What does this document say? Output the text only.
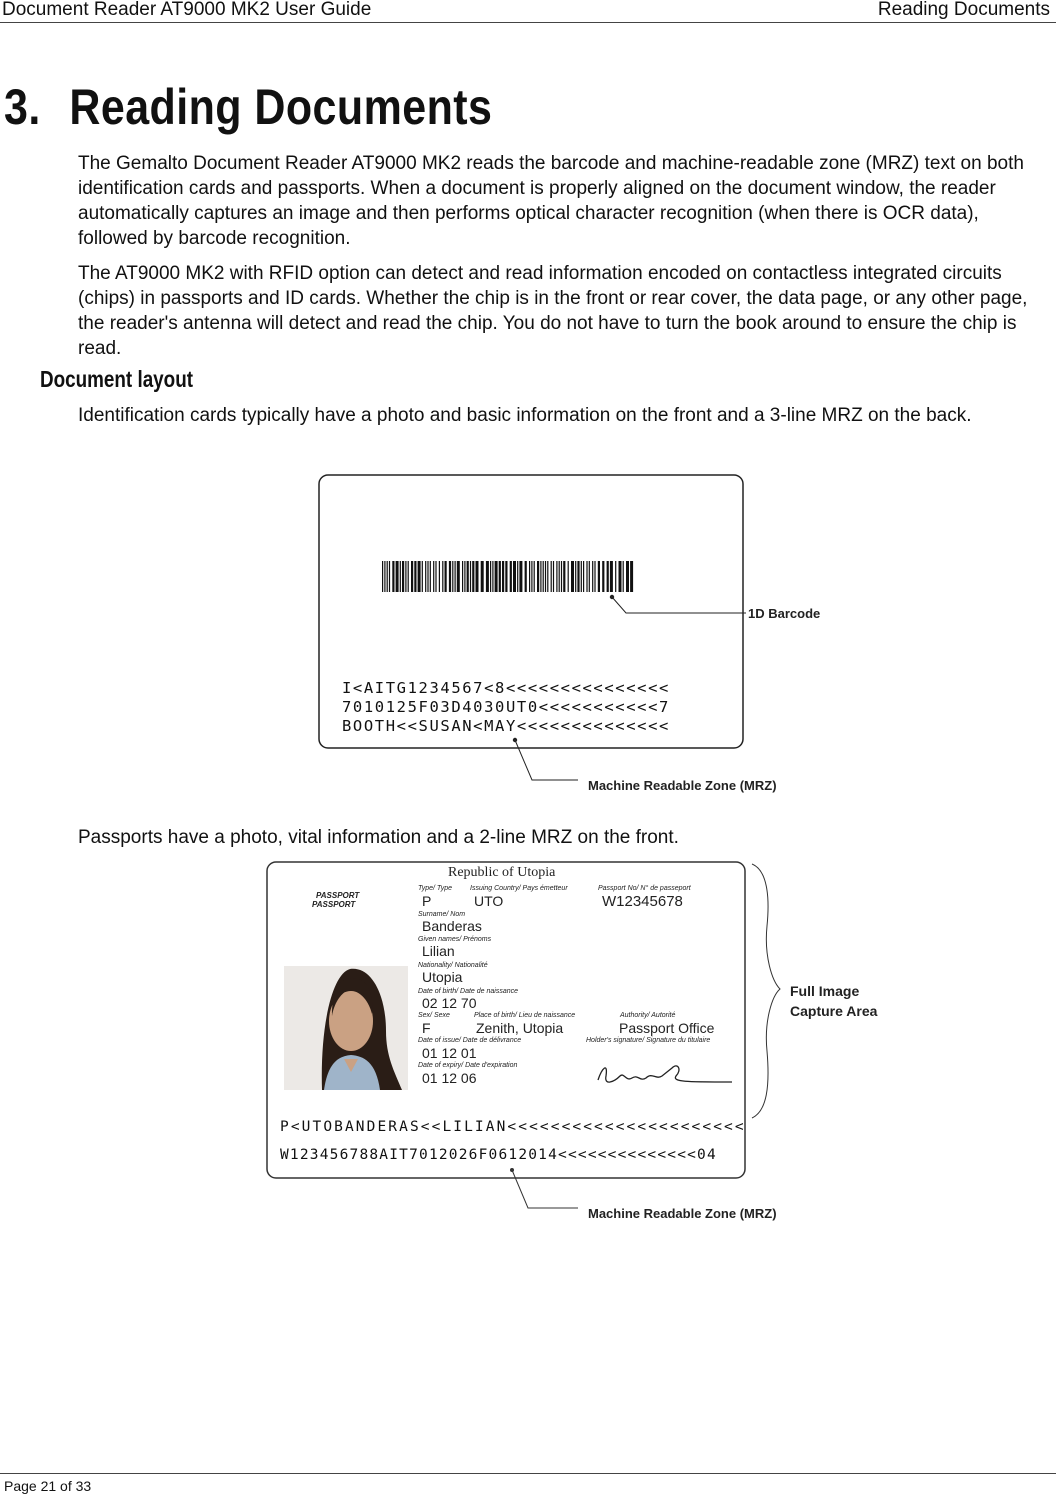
Document Reader AT9000 MK2 User Guide	Reading Documents
3. Reading Documents
The Gemalto Document Reader AT9000 MK2 reads the barcode and machine-readable zone (MRZ) text on both identification cards and passports. When a document is properly aligned on the document window, the reader automatically captures an image and then performs optical character recognition (when there is OCR data), followed by barcode recognition.
The AT9000 MK2 with RFID option can detect and read information encoded on contactless integrated circuits (chips) in passports and ID cards. Whether the chip is in the front or rear cover, the data page, or any other page, the reader's antenna will detect and read the chip. You do not have to turn the book around to ensure the chip is read.
Document layout
Identification cards typically have a photo and basic information on the front and a 3-line MRZ on the back.
1D Barcode
I<AITG1234567<8<<<<<<<<<<<<<<<
7010125F03D4030UT0<<<<<<<<<<<7
BOOTH<<SUSAN<MAY<<<<<<<<<<<<<<
Machine Readable Zone (MRZ)
Passports have a photo, vital information and a 2-line MRZ on the front.
Republic of Utopia
PASSPORT
PASSPORT
Type/ Type
P
Issuing Country/ Pays émetteur
UTO
Passport No/ N° de passeport
W12345678
Surname/ Nom
Banderas
Given names/ Prénoms
Lilian
Nationality/ Nationalité
Utopia
Date of birth/ Date de naissance
02 12 70
Sex/ Sexe
F
Place of birth/ Lieu de naissance
Zenith, Utopia
Authority/ Autorité
Passport Office
Date of issue/ Date de délivrance
01 12 01
Holder's signature/ Signature du titulaire
Date of expiry/ Date d'expiration
01 12 06
P<UTOBANDERAS<<LILIAN<<<<<<<<<<<<<<<<<<<<<<
W123456788AIT7012026F0612014<<<<<<<<<<<<<<04
Full Image
Capture Area
Machine Readable Zone (MRZ)
Page 21 of 33
